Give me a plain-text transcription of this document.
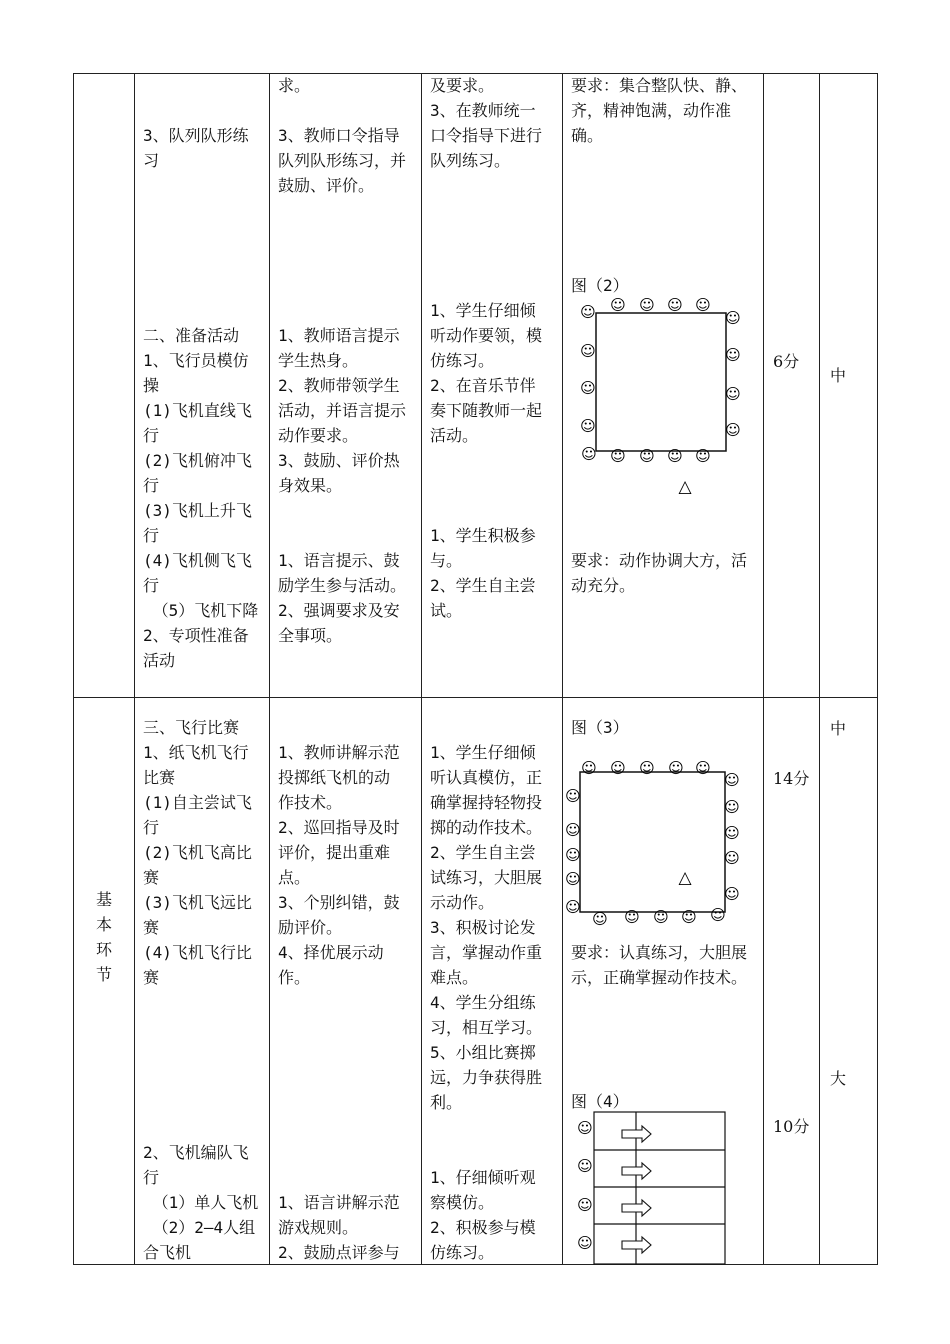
3、队列队形练
习

二、准备活动
1、飞行员模仿
操
(1)飞机直线飞
行
(2)飞机俯冲飞
行
(3)飞机上升飞
行
(4)飞机侧飞飞
行
（5）飞机下降
2、专项性准备
活动
求。

3、教师口令指导
队列队形练习，并
鼓励、评价。

1、教师语言提示
学生热身。
2、教师带领学生
活动，并语言提示
动作要求。
3、鼓励、评价热
身效果。

1、语言提示、鼓
励学生参与活动。
2、强调要求及安
全事项。
及要求。
3、在教师统一
口令指导下进行
队列练习。

1、学生仔细倾
听动作要领，模
仿练习。
2、在音乐节伴
奏下随教师一起
活动。

1、学生积极参
与。
2、学生自主尝
试。
要求：集合整队快、静、
齐，精神饱满，动作准
确。
图（2）
要求：动作协调大方，活
动充分。
6分
中
☺ ☺ ☺ ☺
☺
☺
☺
☺
☺
☺
☺
☺
☺ ☺ ☺ ☺ ☺
△
基本环节
三、飞行比赛
1、纸飞机飞行
比赛
(1)自主尝试飞
行
(2)飞机飞高比
赛
(3)飞机飞远比
赛
(4)飞机飞行比
赛

2、飞机编队飞
行
（1）单人飞机
（2）2—4人组
合飞机

1、教师讲解示范
投掷纸飞机的动
作技术。
2、巡回指导及时
评价，提出重难
点。
3、个别纠错，鼓
励评价。
4、择优展示动
作。

1、语言讲解示范
游戏规则。
2、鼓励点评参与

1、学生仔细倾
听认真模仿，正
确掌握持轻物投
掷的动作技术。
2、学生自主尝
试练习，大胆展
示动作。
3、积极讨论发
言，掌握动作重
难点。
4、学生分组练
习，相互学习。
5、小组比赛掷
远，力争获得胜
利。

1、仔细倾听观
察模仿。
2、积极参与模
仿练习。
图（3）
要求：认真练习，大胆展
示，正确掌握动作技术。
图（4）
14分
10分
中
大
☺ ☺ ☺ ☺ ☺
☺
☺
☺
☺
☺
☺
☺
☺
☺
☺
☺ ☺ ☺ ☺ ☺
△
☺
☺
☺
☺
